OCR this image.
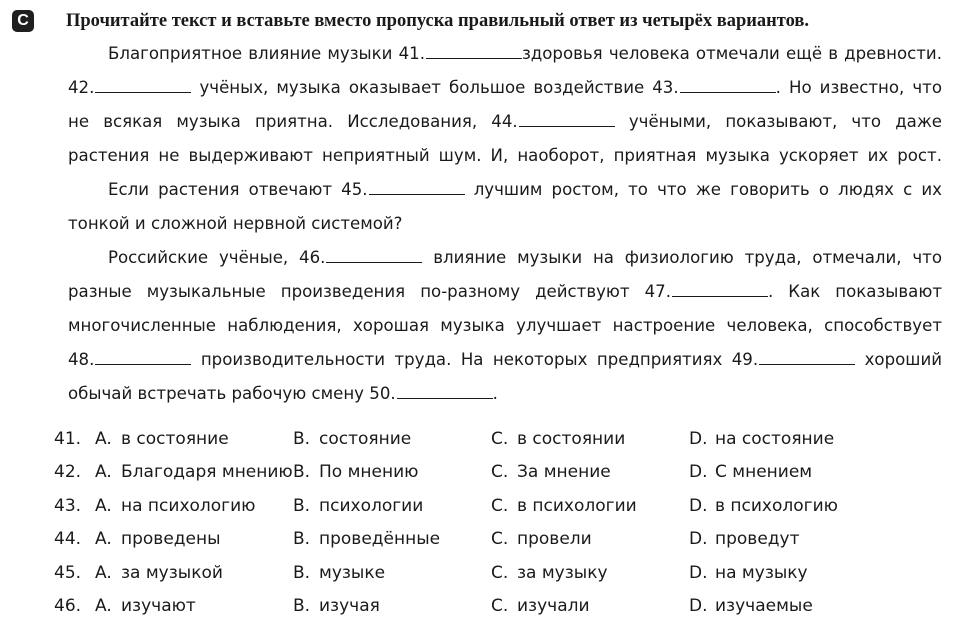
C Прочитайте текст и вставьте вместо пропуска правильный ответ из четырёх вариантов.
Благоприятное влияние музыки 41.	здоровья человека отмечали ещё в древности.
42.	учёных, музыка оказывает большое воздействие 43.	. Но известно, что
не всякая музыка приятна. Исследования, 44.	учёными, показывают, что даже
растения не выдерживают неприятный шум. И, наоборот, приятная музыка ускоряет их рост.
Если растения отвечают 45.	лучшим ростом, то что же говорить о людях с их
тонкой и сложной нервной системой?
Российские учёные, 46.	влияние музыки на физиологию труда, отмечали, что
разные музыкальные произведения по-разному действуют 47.	. Как показывают
многочисленные наблюдения, хорошая музыка улучшает настроение человека, способствует
48.	производительности труда. На некоторых предприятиях 49.	хороший
обычай встречать рабочую смену 50.	.
41. A. в состояние	B. состояние	C. в состоянии	D. на состояние
42. A. Благодаря мнению B. По мнению	C. За мнение	D. С мнением
43. A. на психологию	B. психологии	C. в психологии	D. в психологию
44. A. проведены	B. проведённые	C. провели	D. проведут
45. A. за музыкой	B. музыке	C. за музыку	D. на музыку
46. A. изучают	B. изучая	C. изучали	D. изучаемые
